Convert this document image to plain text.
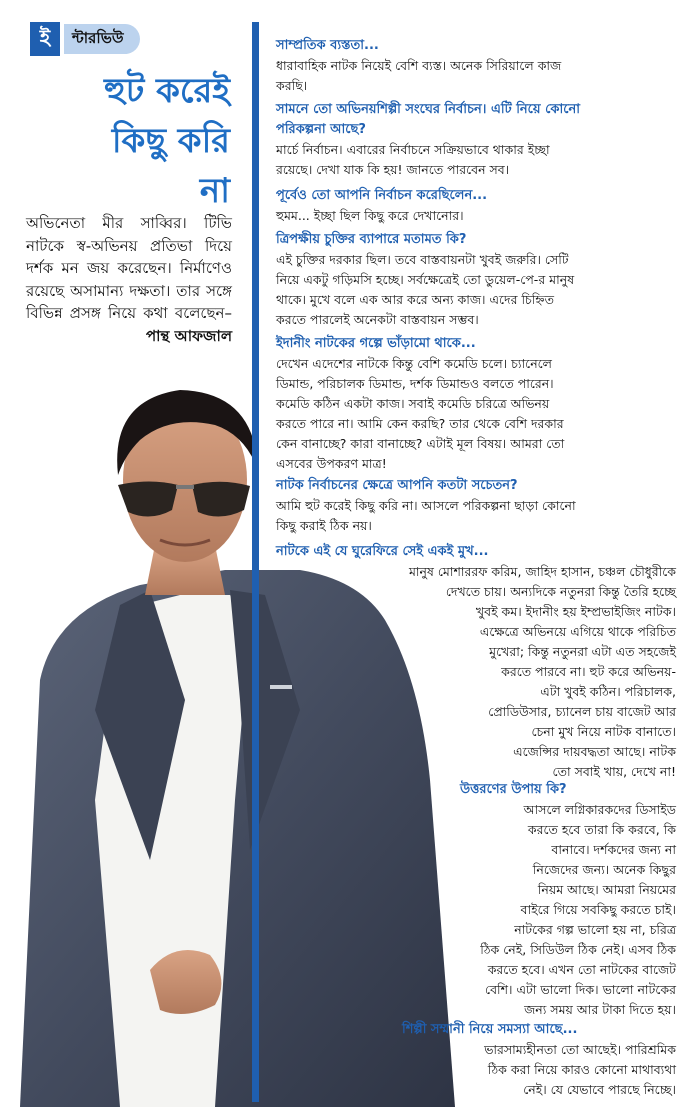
ই	ন্টারভিউ
হুট করেই
কিছু করি
না
অভিনেতা মীর সাব্বির। টিভি নাটকে স্ব-অভিনয় প্রতিভা দিয়ে দর্শক মন জয় করেছেন। নির্মাণেও রয়েছে অসামান্য দক্ষতা। তার সঙ্গে বিভিন্ন প্রসঙ্গ নিয়ে কথা বলেছেন– পান্থ আফজাল
সাম্প্রতিক ব্যস্ততা...
ধারাবাহিক নাটক নিয়েই বেশি ব্যস্ত। অনেক সিরিয়ালে কাজ
করছি।
সামনে তো অভিনয়শিল্পী সংঘের নির্বাচন। এটি নিয়ে কোনো
পরিকল্পনা আছে?
মার্চে নির্বাচন। এবারের নির্বাচনে সক্রিয়ভাবে থাকার ইচ্ছা
রয়েছে। দেখা যাক কি হয়! জানতে পারবেন সব।
পূর্বেও তো আপনি নির্বাচন করেছিলেন...
হুমম... ইচ্ছা ছিল কিছু করে দেখানোর।
ত্রিপক্ষীয় চুক্তির ব্যাপারে মতামত কি?
এই চুক্তির দরকার ছিল। তবে বাস্তবায়নটা খুবই জরুরি। সেটি
নিয়ে একটু গড়িমসি হচ্ছে। সর্বক্ষেত্রেই তো ডুয়েল-পে-র মানুষ
থাকে। মুখে বলে এক আর করে অন্য কাজ। এদের চিহ্নিত
করতে পারলেই অনেকটা বাস্তবায়ন সম্ভব।
ইদানীং নাটকের গল্পে ভাঁড়ামো থাকে...
দেখেন এদেশের নাটকে কিন্তু বেশি কমেডি চলে। চ্যানেলে
ডিমান্ড, পরিচালক ডিমান্ড, দর্শক ডিমান্ডও বলতে পারেন।
কমেডি কঠিন একটা কাজ। সবাই কমেডি চরিত্রে অভিনয়
করতে পারে না। আমি কেন করছি? তার থেকে বেশি দরকার
কেন বানাচ্ছে? কারা বানাচ্ছে? এটাই মূল বিষয়। আমরা তো
এসবের উপকরণ মাত্র!
নাটক নির্বাচনের ক্ষেত্রে আপনি কতটা সচেতন?
আমি হুট করেই কিছু করি না। আসলে পরিকল্পনা ছাড়া কোনো
কিছু করাই ঠিক নয়।
নাটকে এই যে ঘুরেফিরে সেই একই মুখ...
মানুষ মোশাররফ করিম, জাহিদ হাসান, চঞ্চল চৌধুরীকে
দেখতে চায়। অন্যদিকে নতুনরা কিন্তু তৈরি হচ্ছে
খুবই কম। ইদানীং হয় ইম্প্রভাইজিং নাটক।
এক্ষেত্রে অভিনয়ে এগিয়ে থাকে পরিচিত
মুখেরা; কিন্তু নতুনরা এটা এত সহজেই
করতে পারবে না। হুট করে অভিনয়-
এটা খুবই কঠিন। পরিচালক,
প্রোডিউসার, চ্যানেল চায় বাজেট আর
চেনা মুখ নিয়ে নাটক বানাতে।
এজেন্সির দায়বদ্ধতা আছে। নাটক
তো সবাই খায়, দেখে না!
উত্তরণের উপায় কি?
আসলে লগ্নিকারকদের ডিসাইড
করতে হবে তারা কি করবে, কি
বানাবে। দর্শকদের জন্য না
নিজেদের জন্য। অনেক কিছুর
নিয়ম আছে। আমরা নিয়মের
বাইরে গিয়ে সবকিছু করতে চাই।
নাটকের গল্প ভালো হয় না, চরিত্র
ঠিক নেই, সিডিউল ঠিক নেই। এসব ঠিক
করতে হবে। এখন তো নাটকের বাজেট
বেশি। এটা ভালো দিক। ভালো নাটকের
জন্য সময় আর টাকা দিতে হয়।
শিল্পী সম্মানী নিয়ে সমস্যা আছে...
ভারসাম্যহীনতা তো আছেই। পারিশ্রমিক
ঠিক করা নিয়ে কারও কোনো মাথাব্যথা
নেই। যে যেভাবে পারছে নিচ্ছে।
